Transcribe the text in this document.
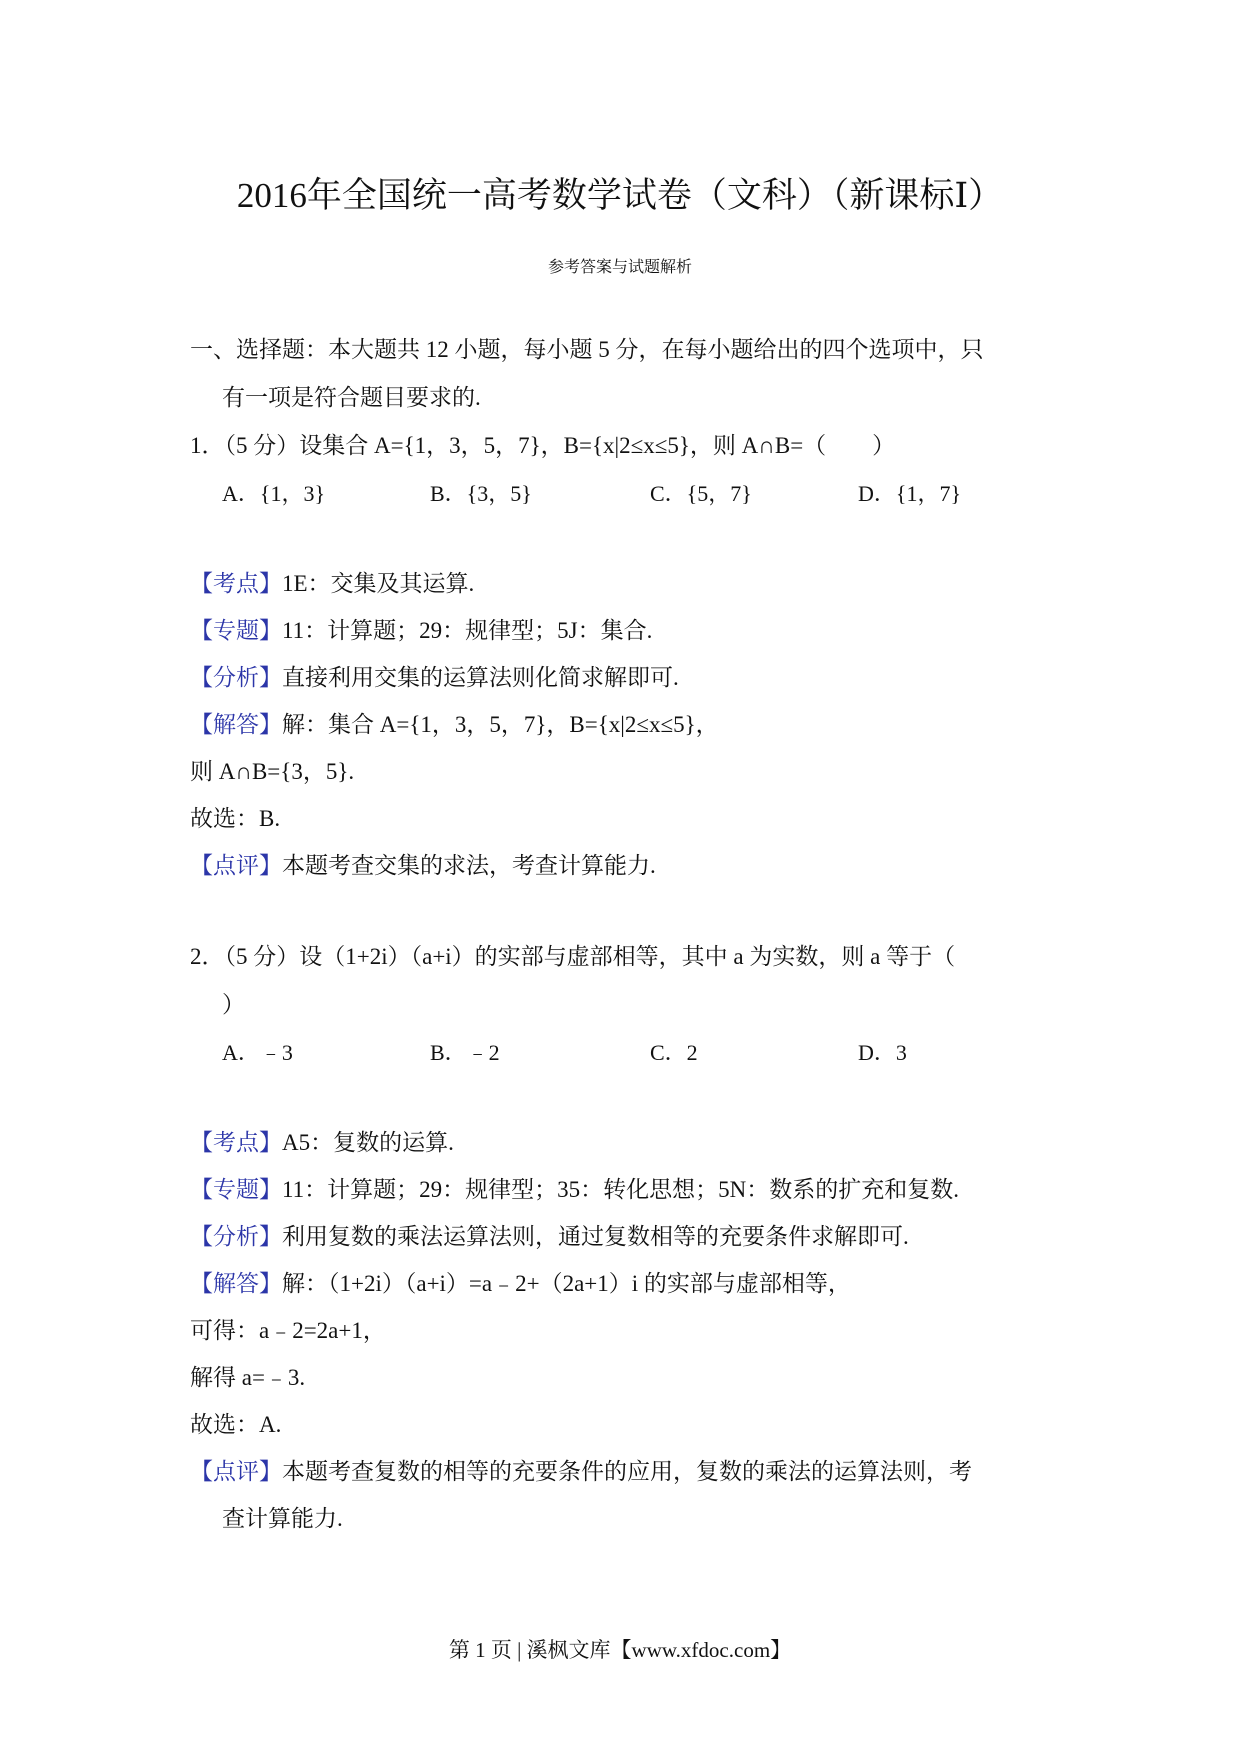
2016年全国统一高考数学试卷（文科）（新课标Ⅰ）
参考答案与试题解析
一、选择题：本大题共 12 小题，每小题 5 分，在每小题给出的四个选项中，只
有一项是符合题目要求的.
1．（5 分）设集合 A={1，3，5，7}，B={x|2≤x≤5}，则 A∩B=（　　）
A．{1，3}	B．{3，5}	C．{5，7}	D．{1，7}
【考点】1E：交集及其运算.
【专题】11：计算题；29：规律型；5J：集合.
【分析】直接利用交集的运算法则化简求解即可.
【解答】解：集合 A={1，3，5，7}，B={x|2≤x≤5}，
则 A∩B={3，5}.
故选：B.
【点评】本题考查交集的求法，考查计算能力.
2．（5 分）设（1+2i）（a+i）的实部与虚部相等，其中 a 为实数，则 a 等于（
）
A．﹣3	B．﹣2	C．2	D．3
【考点】A5：复数的运算.
【专题】11：计算题；29：规律型；35：转化思想；5N：数系的扩充和复数.
【分析】利用复数的乘法运算法则，通过复数相等的充要条件求解即可.
【解答】解：（1+2i）（a+i）=a﹣2+（2a+1）i 的实部与虚部相等，
可得：a﹣2=2a+1，
解得 a=﹣3.
故选：A.
【点评】本题考查复数的相等的充要条件的应用，复数的乘法的运算法则，考
查计算能力.
第 1 页 | 溪枫文库【www.xfdoc.com】
